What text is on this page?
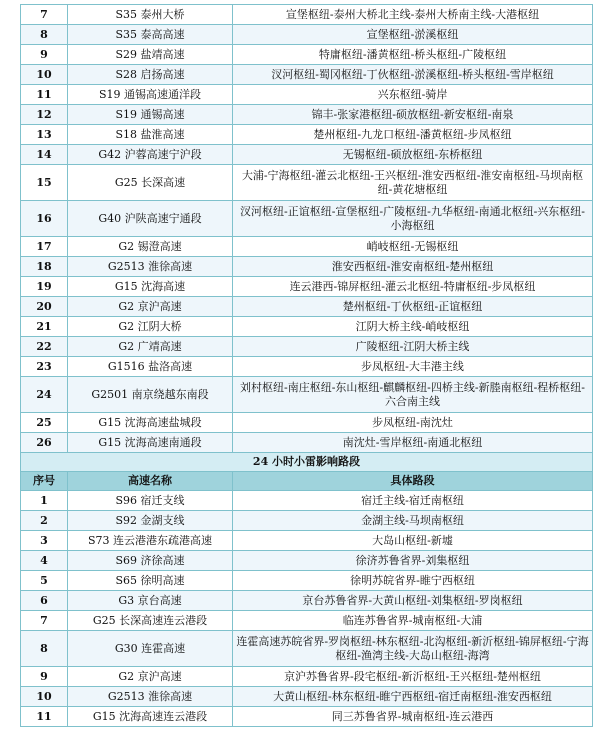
7	S35 泰州大桥	宣堡枢纽-泰州大桥北主线-泰州大桥南主线-大港枢纽
8	S35 泰高高速	宣堡枢纽-淤溪枢纽
9	S29 盐靖高速	特庸枢纽-潘黄枢纽-桥头枢纽-广陵枢纽
10	S28 启扬高速	汊河枢纽-蜀冈枢纽-丁伙枢纽-淤溪枢纽-桥头枢纽-雪岸枢纽
11	S19 通锡高速通洋段	兴东枢纽-骑岸
12	S19 通锡高速	锦丰-张家港枢纽-硕放枢纽-新安枢纽-南泉
13	S18 盐淮高速	楚州枢纽-九龙口枢纽-潘黄枢纽-步凤枢纽
14	G42 沪蓉高速宁沪段	无锡枢纽-硕放枢纽-东桥枢纽
15	G25 长深高速	大浦-宁海枢纽-灌云北枢纽-王兴枢纽-淮安西枢纽-淮安南枢纽-马坝南枢纽-黄花塘枢纽
16	G40 沪陕高速宁通段	汊河枢纽-正谊枢纽-宣堡枢纽-广陵枢纽-九华枢纽-南通北枢纽-兴东枢纽-小海枢纽
17	G2 锡澄高速	峭岐枢纽-无锡枢纽
18	G2513 淮徐高速	淮安西枢纽-淮安南枢纽-楚州枢纽
19	G15 沈海高速	连云港西-锦屏枢纽-灌云北枢纽-特庸枢纽-步凤枢纽
20	G2 京沪高速	楚州枢纽-丁伙枢纽-正谊枢纽
21	G2 江阴大桥	江阴大桥主线-峭岐枢纽
22	G2 广靖高速	广陵枢纽-江阴大桥主线
23	G1516 盐洛高速	步凤枢纽-大丰港主线
24	G2501 南京绕越东南段	刘村枢纽-南庄枢纽-东山枢纽-麒麟枢纽-四桥主线-新塍南枢纽-程桥枢纽-六合南主线
25	G15 沈海高速盐城段	步凤枢纽-南沈灶
26	G15 沈海高速南通段	南沈灶-雪岸枢纽-南通北枢纽
24 小时小雷影响路段		
序号	高速名称	具体路段
1	S96 宿迁支线	宿迁主线-宿迁南枢纽
2	S92 金湖支线	金湖主线-马坝南枢纽
3	S73 连云港港东疏港高速	大岛山枢纽-新墟
4	S69 济徐高速	徐济苏鲁省界-刘集枢纽
5	S65 徐明高速	徐明苏皖省界-睢宁西枢纽
6	G3 京台高速	京台苏鲁省界-大黄山枢纽-刘集枢纽-罗岗枢纽
7	G25 长深高速连云港段	临连苏鲁省界-城南枢纽-大浦
8	G30 连霍高速	连霍高速苏皖省界-罗岗枢纽-林东枢纽-北沟枢纽-新沂枢纽-锦屏枢纽-宁海枢纽-渔湾主线-大岛山枢纽-海湾
9	G2 京沪高速	京沪苏鲁省界-段宅枢纽-新沂枢纽-王兴枢纽-楚州枢纽
10	G2513 淮徐高速	大黄山枢纽-林东枢纽-睢宁西枢纽-宿迁南枢纽-淮安西枢纽
11	G15 沈海高速连云港段	同三苏鲁省界-城南枢纽-连云港西
